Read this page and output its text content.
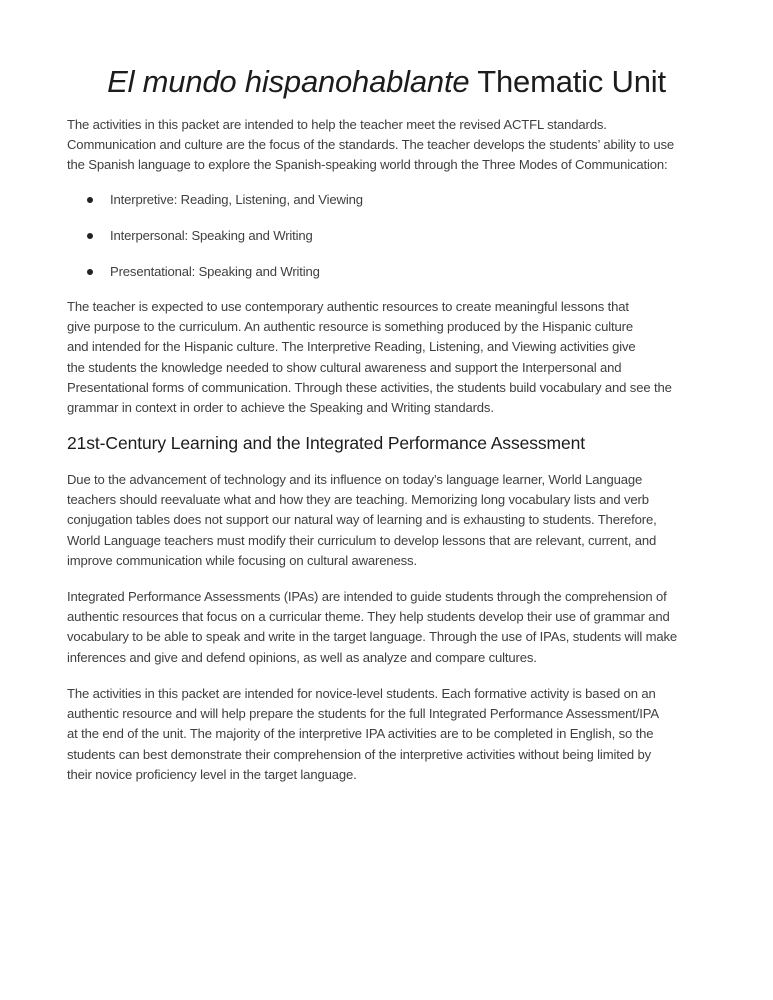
El mundo hispanohablante Thematic Unit

The activities in this packet are intended to help the teacher meet the revised ACTFL standards.
Communication and culture are the focus of the standards. The teacher develops the students’ ability to use
the Spanish language to explore the Spanish-speaking world through the Three Modes of Communication:

Interpretive: Reading, Listening, and Viewing
Interpersonal: Speaking and Writing
Presentational: Speaking and Writing

The teacher is expected to use contemporary authentic resources to create meaningful lessons that
give purpose to the curriculum. An authentic resource is something produced by the Hispanic culture
and intended for the Hispanic culture. The Interpretive Reading, Listening, and Viewing activities give
the students the knowledge needed to show cultural awareness and support the Interpersonal and
Presentational forms of communication. Through these activities, the students build vocabulary and see the
grammar in context in order to achieve the Speaking and Writing standards.

21st-Century Learning and the Integrated Performance Assessment

Due to the advancement of technology and its influence on today’s language learner, World Language
teachers should reevaluate what and how they are teaching. Memorizing long vocabulary lists and verb
conjugation tables does not support our natural way of learning and is exhausting to students. Therefore,
World Language teachers must modify their curriculum to develop lessons that are relevant, current, and
improve communication while focusing on cultural awareness.

Integrated Performance Assessments (IPAs) are intended to guide students through the comprehension of
authentic resources that focus on a curricular theme. They help students develop their use of grammar and
vocabulary to be able to speak and write in the target language. Through the use of IPAs, students will make
inferences and give and defend opinions, as well as analyze and compare cultures.

The activities in this packet are intended for novice-level students. Each formative activity is based on an
authentic resource and will help prepare the students for the full Integrated Performance Assessment/IPA
at the end of the unit. The majority of the interpretive IPA activities are to be completed in English, so the
students can best demonstrate their comprehension of the interpretive activities without being limited by
their novice proficiency level in the target language.
